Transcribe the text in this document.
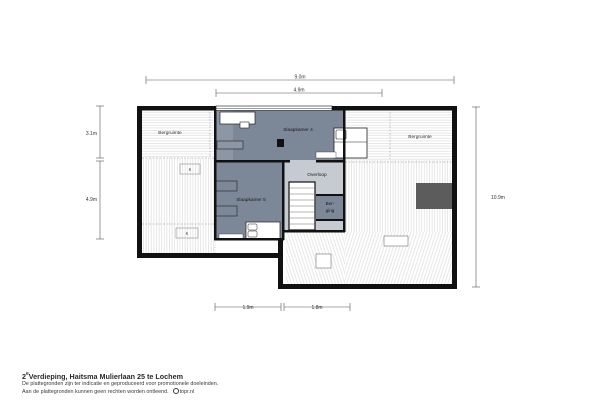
9.0m
4.9m
3.1m
4.9m	10.9m
1.9m	1.8m
K
K
Bergruimte
Slaapkamer 4
Bergruimte
Overloop
Slaapkamer 5
Ber-
ging
2eVerdieping, Haitsma Mulierlaan 25 te Lochem
De plattegronden zijn ter indicatie en geproduceerd voor promotionele doeleinden.
Aan de plattegronden kunnen geen rechten worden ontleend. topr.nl
